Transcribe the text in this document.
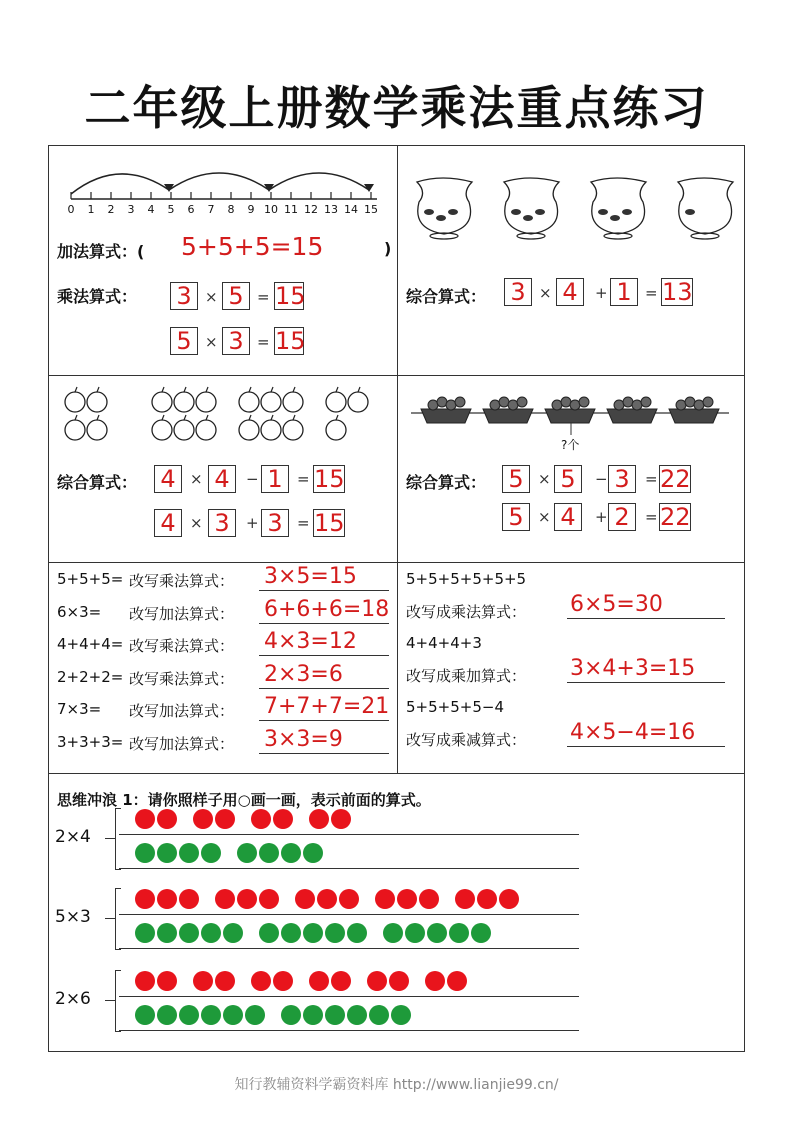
二年级上册数学乘法重点练习
0	1	2	3	4	5	6	7	8	9 10 11 12 13 14 15
加法算式：( 5+5+5=15	)
乘法算式： 3 × 5 = 15
5 × 3 = 15
综合算式： 3 × 4	+ 1 = 13
综合算式： 4 × 4	− 1 = 15
4 × 3	+ 3 = 15
?个
综合算式： 5 × 5	− 3	= 22
5 × 4	+ 2	= 22
5+5+5= 改写乘法算式： 3×5=15
6×3= 改写加法算式： 6+6+6=18
4+4+4= 改写乘法算式： 4×3=12
2+2+2= 改写乘法算式： 2×3=6
7×3= 改写加法算式： 7+7+7=21
3+3+3= 改写加法算式： 3×3=9
5+5+5+5+5+5
改写成乘法算式： 6×5=30
4+4+4+3
改写成乘加算式： 3×4+3=15
5+5+5+5−4
改写成乘减算式： 4×5−4=16
思维冲浪 1：请你照样子用○画一画，表示前面的算式。
2×4
5×3
2×6
知行教辅资料学霸资料库 http://www.lianjie99.cn/
